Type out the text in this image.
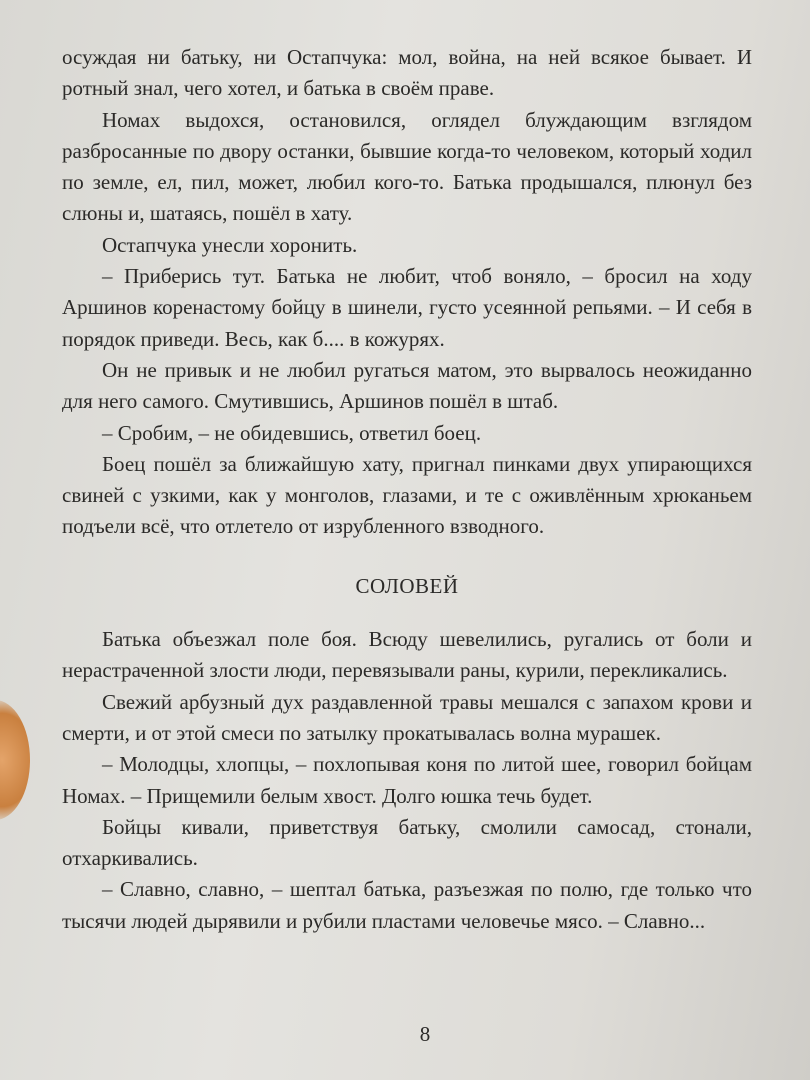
осуждая ни батьку, ни Остапчука: мол, война, на ней всякое бывает. И ротный знал, чего хотел, и батька в своём праве.

Номах выдохся, остановился, оглядел блуждающим взглядом разбросанные по двору останки, бывшие когда-то человеком, который ходил по земле, ел, пил, может, любил кого-то. Батька продышался, плюнул без слюны и, шатаясь, пошёл в хату.

Остапчука унесли хоронить.

– Приберись тут. Батька не любит, чтоб воняло, – бросил на ходу Аршинов коренастому бойцу в шинели, густо усеянной репьями. – И себя в порядок приведи. Весь, как б.... в кожурях.

Он не привык и не любил ругаться матом, это вырвалось неожиданно для него самого. Смутившись, Аршинов пошёл в штаб.

– Сробим, – не обидевшись, ответил боец.

Боец пошёл за ближайшую хату, пригнал пинками двух упирающихся свиней с узкими, как у монголов, глазами, и те с оживлённым хрюканьем подъели всё, что отлетело от изрубленного взводного.

СОЛОВЕЙ

Батька объезжал поле боя. Всюду шевелились, ругались от боли и нерастраченной злости люди, перевязывали раны, курили, перекликались.

Свежий арбузный дух раздавленной травы мешался с запахом крови и смерти, и от этой смеси по затылку прокатывалась волна мурашек.

– Молодцы, хлопцы, – похлопывая коня по литой шее, говорил бойцам Номах. – Прищемили белым хвост. Долго юшка течь будет.

Бойцы кивали, приветствуя батьку, смолили самосад, стонали, отхаркивались.

– Славно, славно, – шептал батька, разъезжая по полю, где только что тысячи людей дырявили и рубили пластами человечье мясо. – Славно...

8
